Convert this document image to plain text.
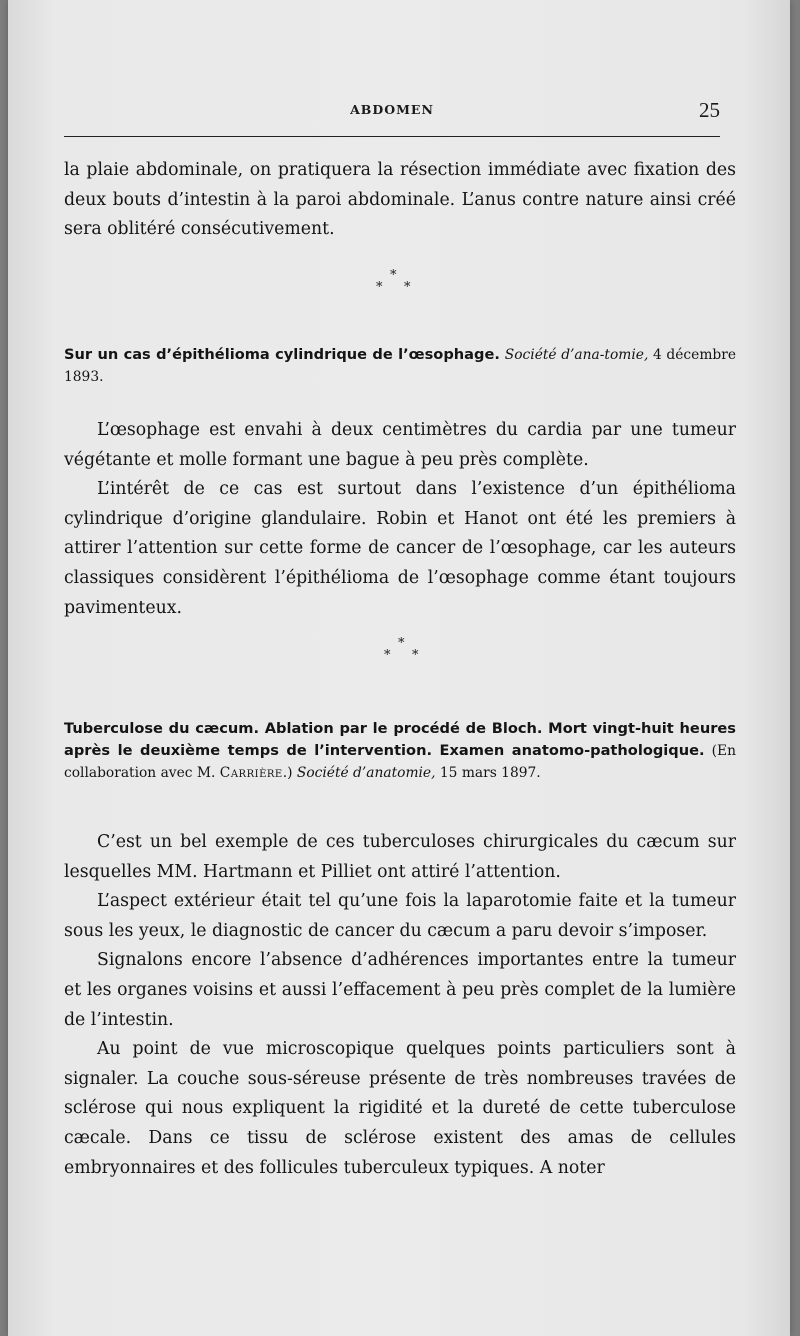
ABDOMEN	25

la plaie abdominale, on pratiquera la résection immédiate avec fixation des deux bouts d’intestin à la paroi abdominale. L’anus contre nature ainsi créé sera oblitéré consécutivement.

*
* *
Sur un cas d’épithélioma cylindrique de l’œsophage. Société d’ana-tomie, 4 décembre 1893.

L’œsophage est envahi à deux centimètres du cardia par une tumeur végétante et molle formant une bague à peu près complète.

L’intérêt de ce cas est surtout dans l’existence d’un épithélioma cylindrique d’origine glandulaire. Robin et Hanot ont été les premiers à attirer l’attention sur cette forme de cancer de l’œsophage, car les auteurs classiques considèrent l’épithélioma de l’œsophage comme étant toujours pavimenteux.

*
* *
Tuberculose du cæcum. Ablation par le procédé de Bloch. Mort vingt-huit heures après le deuxième temps de l’intervention. Examen anatomo-pathologique. (En collaboration avec M. Carrière.) Société d’anatomie, 15 mars 1897.

C’est un bel exemple de ces tuberculoses chirurgicales du cæcum sur lesquelles MM. Hartmann et Pilliet ont attiré l’attention.

L’aspect extérieur était tel qu’une fois la laparotomie faite et la tumeur sous les yeux, le diagnostic de cancer du cæcum a paru devoir s’imposer.

Signalons encore l’absence d’adhérences importantes entre la tumeur et les organes voisins et aussi l’effacement à peu près complet de la lumière de l’intestin.

Au point de vue microscopique quelques points particuliers sont à signaler. La couche sous-séreuse présente de très nombreuses travées de sclérose qui nous expliquent la rigidité et la dureté de cette tuberculose cæcale. Dans ce tissu de sclérose existent des amas de cellules embryonnaires et des follicules tuberculeux typiques. A noter
